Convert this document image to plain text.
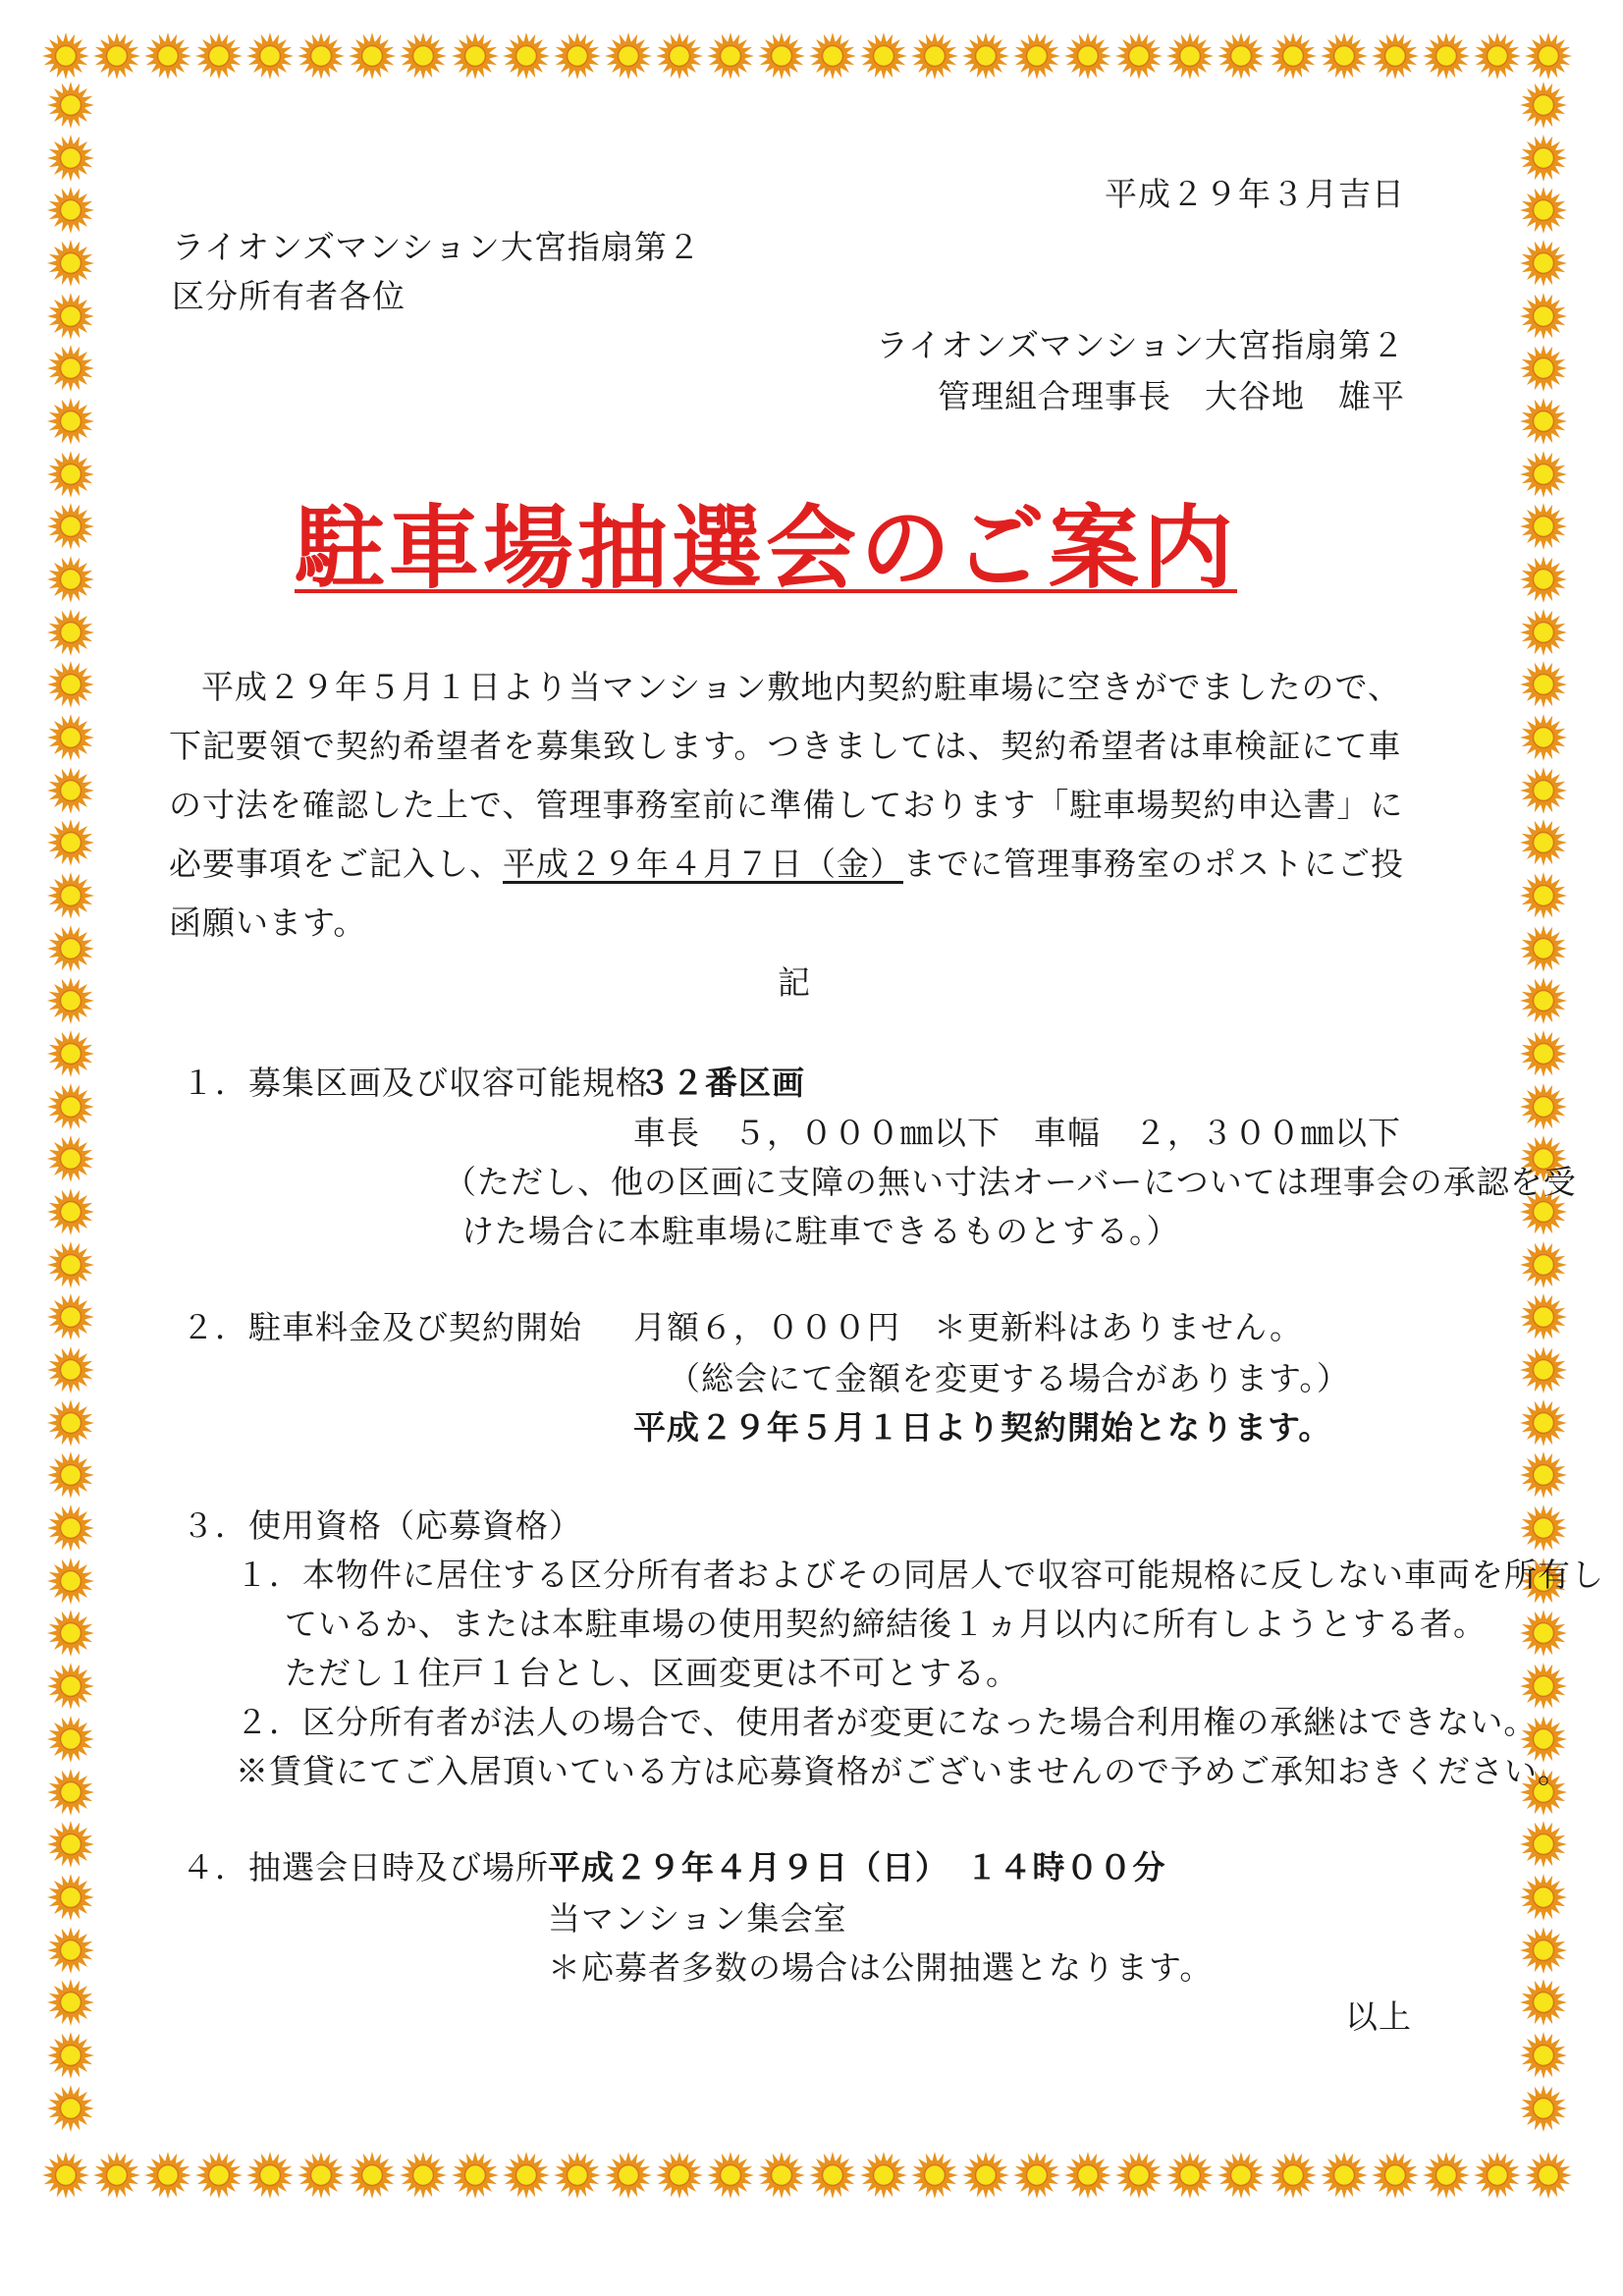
平成２９年３月吉日
ライオンズマンション大宮指扇第２
区分所有者各位
ライオンズマンション大宮指扇第２
管理組合理事長　大谷地　雄平
駐車場抽選会のご案内
平成２９年５月１日より当マンション敷地内契約駐車場に空きがでましたので、下記要領で契約希望者を募集致します。つきましては、契約希望者は車検証にて車の寸法を確認した上で、管理事務室前に準備しております「駐車場契約申込書」に必要事項をご記入し、平成２９年４月７日（金）までに管理事務室のポストにご投函願います。
記
１．募集区画及び収容可能規格
３２番区画
車長　５，０００㎜以下　車幅　２，３００㎜以下
（ただし、他の区画に支障の無い寸法オーバーについては理事会の承認を受
けた場合に本駐車場に駐車できるものとする。）
２．駐車料金及び契約開始 月額６，０００円　＊更新料はありません。
（総会にて金額を変更する場合があります。）
平成２９年５月１日より契約開始となります。
３．使用資格（応募資格）
１．本物件に居住する区分所有者およびその同居人で収容可能規格に反しない車両を所有し
ているか、または本駐車場の使用契約締結後１ヵ月以内に所有しようとする者。
ただし１住戸１台とし、区画変更は不可とする。
２．区分所有者が法人の場合で、使用者が変更になった場合利用権の承継はできない。
※賃貸にてご入居頂いている方は応募資格がございませんので予めご承知おきください。
４．抽選会日時及び場所 平成２９年４月９日（日）　１４時００分
当マンション集会室
＊応募者多数の場合は公開抽選となります。
以上
